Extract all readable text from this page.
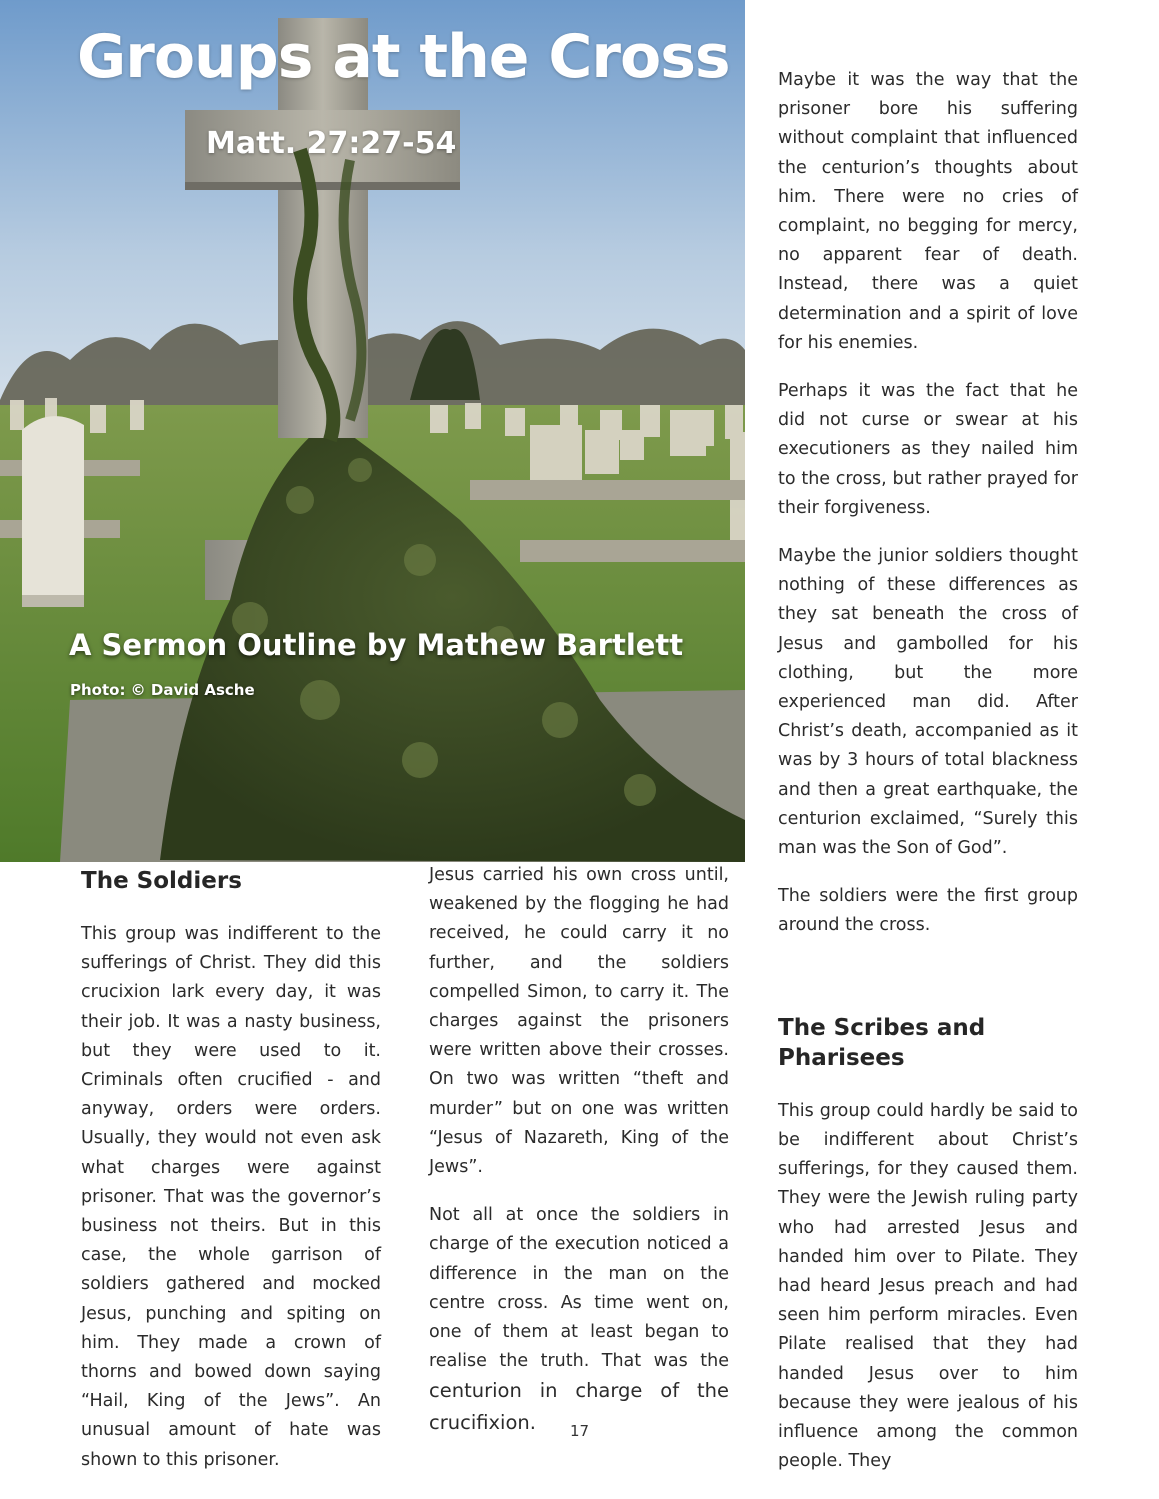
Groups at the Cross
Matt. 27:27-54
A Sermon Outline by Mathew Bartlett
Photo: © David Asche
The Soldiers

This group was indifferent to the sufferings of Christ. They did this crucixion lark every day, it was their job. It was a nasty business, but they were used to it. Criminals often crucified - and anyway, orders were orders. Usually, they would not even ask what charges were against prisoner. That was the governor’s business not theirs. But in this case, the whole garrison of soldiers gathered and mocked Jesus, punching and spiting on him. They made a crown of thorns and bowed down saying “Hail, King of the Jews”. An unusual amount of hate was shown to this prisoner.

Jesus carried his own cross until, weakened by the flogging he had received, he could carry it no further, and the soldiers compelled Simon, to carry it. The charges against the prisoners were written above their crosses. On two was written “theft and murder” but on one was written “Jesus of Nazareth, King of the Jews”.

Not all at once the soldiers in charge of the execution noticed a difference in the man on the centre cross. As time went on, one of them at least began to realise the truth. That was the centurion in charge of the crucifixion.

Maybe it was the way that the prisoner bore his suffering without complaint that influenced the centurion’s thoughts about him. There were no cries of complaint, no begging for mercy, no apparent fear of death. Instead, there was a quiet determination and a spirit of love for his enemies.

Perhaps it was the fact that he did not curse or swear at his executioners as they nailed him to the cross, but rather prayed for their forgiveness.

Maybe the junior soldiers thought nothing of these differences as they sat beneath the cross of Jesus and gambolled for his clothing, but the more experienced man did. After Christ’s death, accompanied as it was by 3 hours of total blackness and then a great earthquake, the centurion exclaimed, “Surely this man was the Son of God”.

The soldiers were the first group around the cross.

The Scribes and Pharisees

This group could hardly be said to be indifferent about Christ’s sufferings, for they caused them. They were the Jewish ruling party who had arrested Jesus and handed him over to Pilate. They had heard Jesus preach and had seen him perform miracles. Even Pilate realised that they had handed Jesus over to him because they were jealous of his influence among the common people. They

17
